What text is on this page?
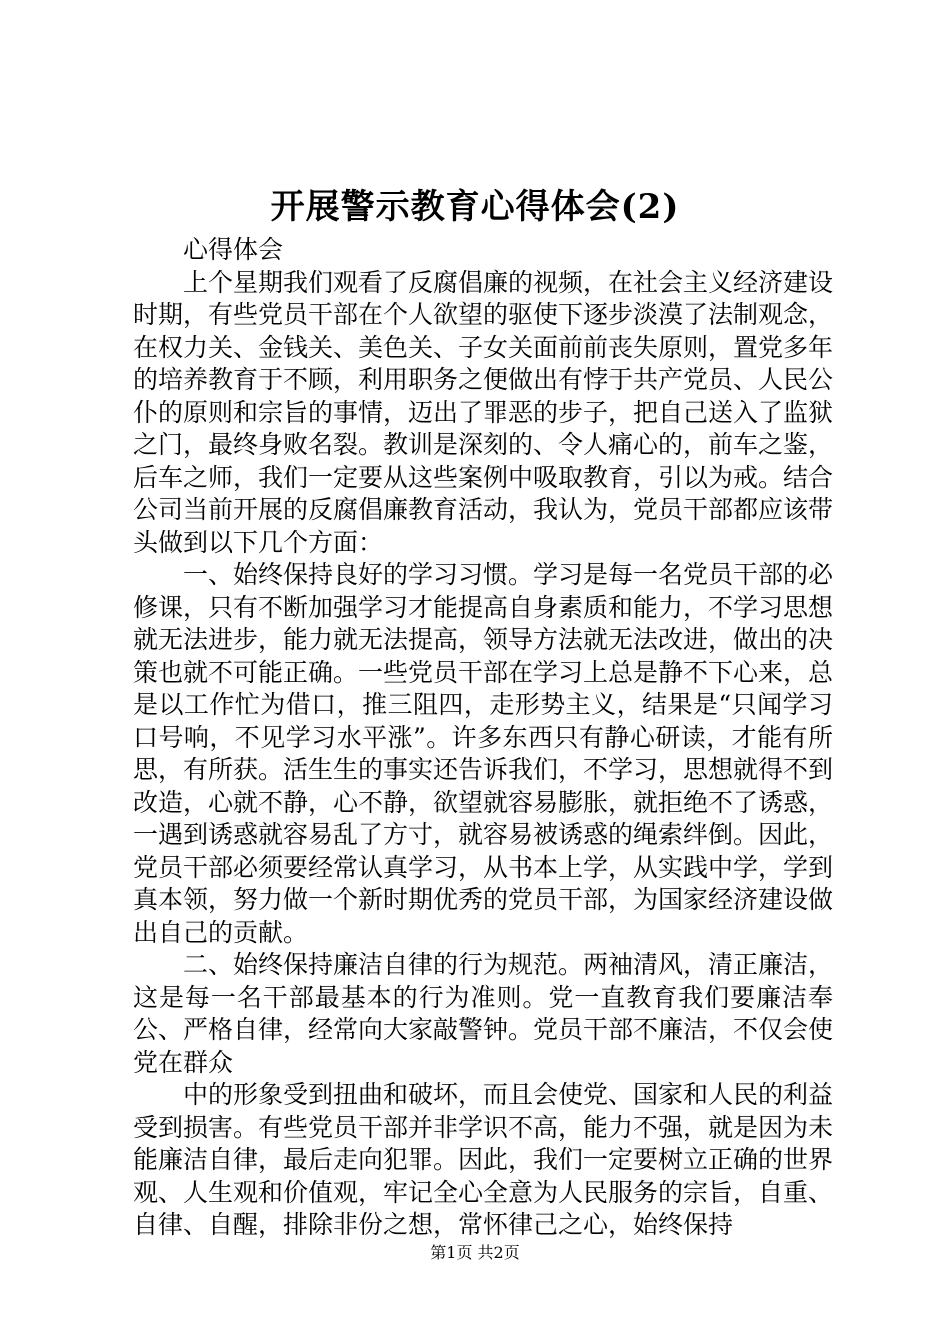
开展警示教育心得体会(2)

心得体会

上个星期我们观看了反腐倡廉的视频，在社会主义经济建设时期，有些党员干部在个人欲望的驱使下逐步淡漠了法制观念，在权力关、金钱关、美色关、子女关面前前丧失原则，置党多年的培养教育于不顾，利用职务之便做出有悖于共产党员、人民公仆的原则和宗旨的事情，迈出了罪恶的步子，把自己送入了监狱之门，最终身败名裂。教训是深刻的、令人痛心的，前车之鉴，后车之师，我们一定要从这些案例中吸取教育，引以为戒。结合公司当前开展的反腐倡廉教育活动，我认为，党员干部都应该带头做到以下几个方面：

一、始终保持良好的学习习惯。学习是每一名党员干部的必修课，只有不断加强学习才能提高自身素质和能力，不学习思想就无法进步，能力就无法提高，领导方法就无法改进，做出的决策也就不可能正确。一些党员干部在学习上总是静不下心来，总是以工作忙为借口，推三阻四，走形势主义，结果是“只闻学习口号响，不见学习水平涨”。许多东西只有静心研读，才能有所思，有所获。活生生的事实还告诉我们，不学习，思想就得不到改造，心就不静，心不静，欲望就容易膨胀，就拒绝不了诱惑，一遇到诱惑就容易乱了方寸，就容易被诱惑的绳索绊倒。因此，党员干部必须要经常认真学习，从书本上学，从实践中学，学到真本领，努力做一个新时期优秀的党员干部，为国家经济建设做出自己的贡献。

二、始终保持廉洁自律的行为规范。两袖清风，清正廉洁，这是每一名干部最基本的行为准则。党一直教育我们要廉洁奉公、严格自律，经常向大家敲警钟。党员干部不廉洁，不仅会使党在群众

中的形象受到扭曲和破坏，而且会使党、国家和人民的利益受到损害。有些党员干部并非学识不高，能力不强，就是因为未能廉洁自律，最后走向犯罪。因此，我们一定要树立正确的世界观、人生观和价值观，牢记全心全意为人民服务的宗旨，自重、自律、自醒，排除非份之想，常怀律己之心，始终保持

第1页 共2页
